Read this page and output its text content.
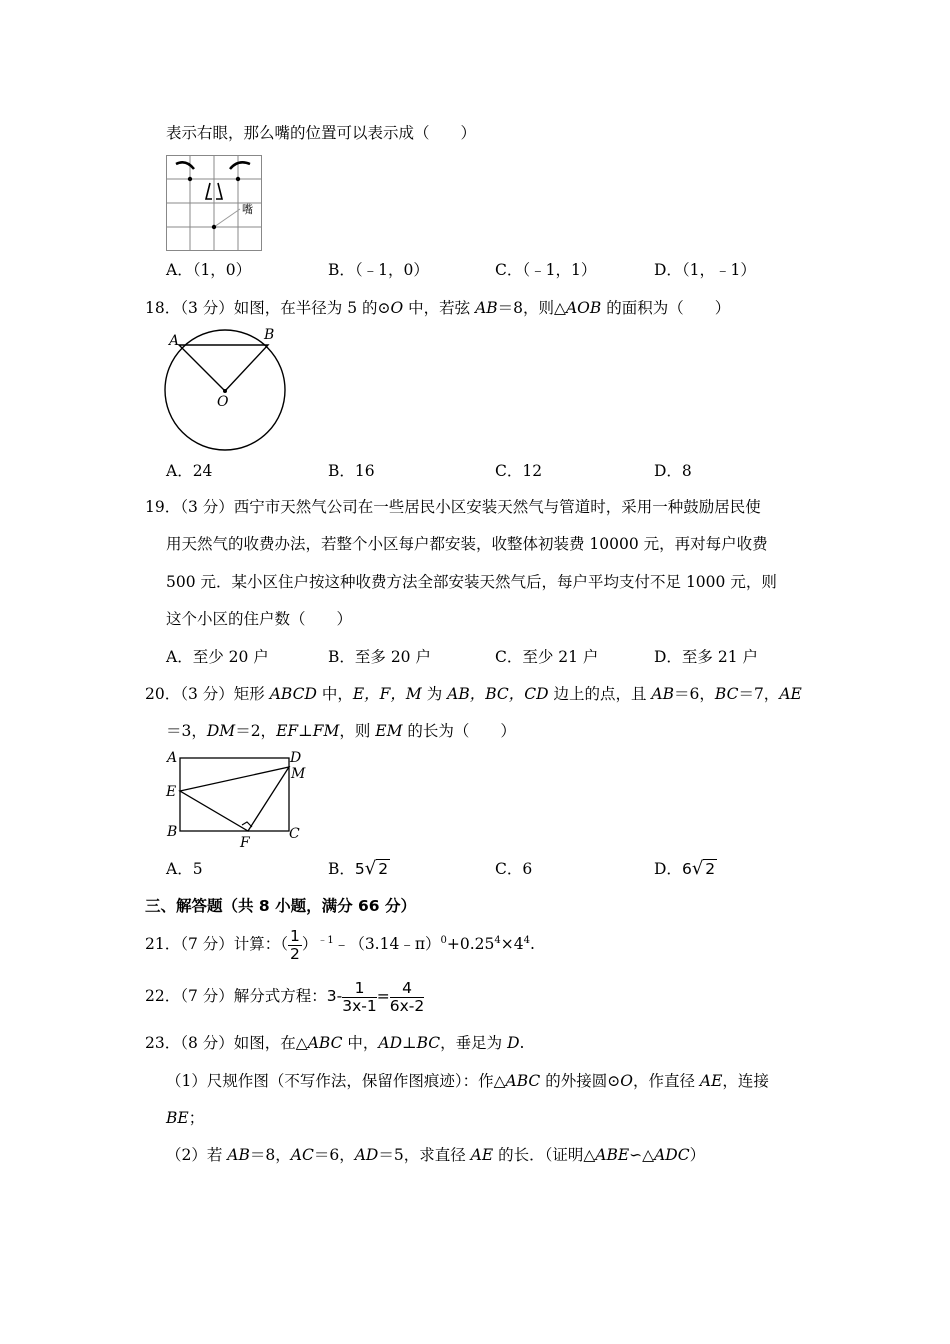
表示右眼，那么嘴的位置可以表示成（　　）
嘴
A．（1，0）	B．（﹣1，0）	C．（﹣1，1）	D．（1，﹣1）
18．（3 分）如图，在半径为 5 的⊙O 中，若弦 AB＝8，则△AOB 的面积为（　　）
A	B
O
A．24	B．16	C．12	D．8
19．（3 分）西宁市天然气公司在一些居民小区安装天然气与管道时，采用一种鼓励居民使
用天然气的收费办法，若整个小区每户都安装，收整体初装费 10000 元，再对每户收费
500 元．某小区住户按这种收费方法全部安装天然气后，每户平均支付不足 1000 元，则
这个小区的住户数（　　）
A．至少 20 户	B．至多 20 户	C．至少 21 户	D．至多 21 户
20．（3 分）矩形 ABCD 中，E，F，M 为 AB，BC，CD 边上的点，且 AB＝6，BC＝7，AE
＝3，DM＝2，EF⊥FM，则 EM 的长为（　　）
A	D
M
E
B
F
C
A．5	B．5√ 2	C．6	D．6√ 2
三、解答题（共 8 小题，满分 66 分）
21．（7 分）计算：（ $\frac{1}{2}$ ）$^{﹣1}﹣(3.14﹣\pi)^0+0.25^4\times 4^4$.
22．（7 分）解分式方程：$3- \frac{1}{3x-1} = \frac{4}{6x-2}$
23．（8 分）如图，在△ABC 中，AD⊥BC，垂足为 D.
（1）尺规作图（不写作法，保留作图痕迹）：作△ABC 的外接圆⊙O，作直径 AE，连接
BE；
（2）若 AB＝8，AC＝6，AD＝5，求直径 AE 的长．（证明△ABE∽△ADC）
